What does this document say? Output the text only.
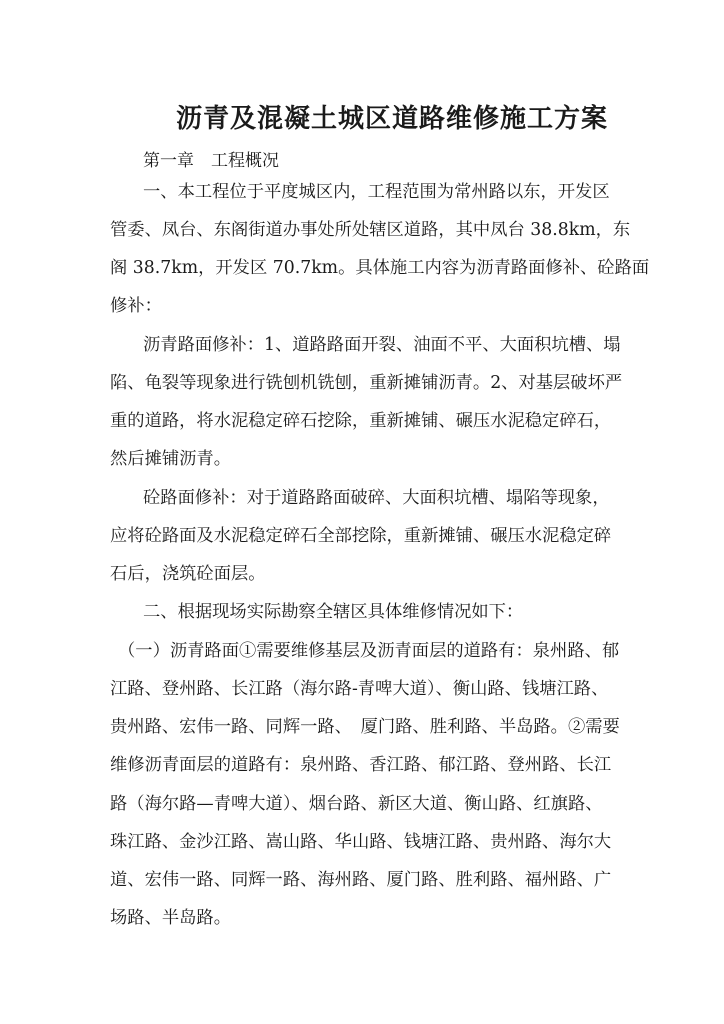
沥青及混凝土城区道路维修施工方案
第一章　工程概况
一、本工程位于平度城区内，工程范围为常州路以东，开发区
管委、凤台、东阁街道办事处所处辖区道路，其中凤台 38.8km，东
阁 38.7km，开发区 70.7km。具体施工内容为沥青路面修补、砼路面
修补：
沥青路面修补：1、道路路面开裂、油面不平、大面积坑槽、塌
陷、龟裂等现象进行铣刨机铣刨，重新摊铺沥青。2、对基层破坏严
重的道路，将水泥稳定碎石挖除，重新摊铺、碾压水泥稳定碎石，
然后摊铺沥青。
砼路面修补：对于道路路面破碎、大面积坑槽、塌陷等现象，
应将砼路面及水泥稳定碎石全部挖除，重新摊铺、碾压水泥稳定碎
石后，浇筑砼面层。
二、根据现场实际勘察全辖区具体维修情况如下：
（一）沥青路面①需要维修基层及沥青面层的道路有：泉州路、郁
江路、登州路、长江路（海尔路-青啤大道）、衡山路、钱塘江路、
贵州路、宏伟一路、同辉一路、　厦门路、胜利路、半岛路。②需要
维修沥青面层的道路有：泉州路、香江路、郁江路、登州路、长江
路（海尔路—青啤大道）、烟台路、新区大道、衡山路、红旗路、
珠江路、金沙江路、嵩山路、华山路、钱塘江路、贵州路、海尔大
道、宏伟一路、同辉一路、海州路、厦门路、胜利路、福州路、广
场路、半岛路。
